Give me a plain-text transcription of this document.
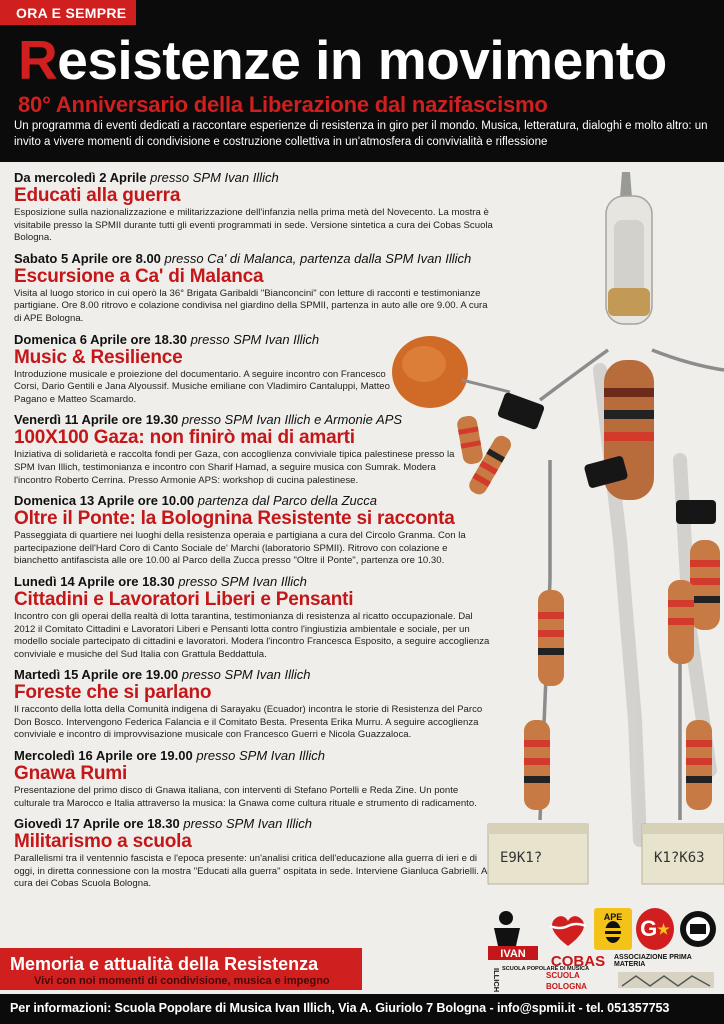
ORA E SEMPRE
Resistenze in movimento
80° Anniversario della Liberazione dal nazifascismo
Un programma di eventi dedicati a raccontare esperienze di resistenza in giro per il mondo. Musica, letteratura, dialoghi e molto altro: un invito a vivere momenti di condivisione e costruzione collettiva in un'atmosfera di convivialità e riflessione
E9K1?	K1?K63
Da mercoledì 2 Aprile presso SPM Ivan Illich
Educati alla guerra
Esposizione sulla nazionalizzazione e militarizzazione dell'infanzia nella prima metà del Novecento. La mostra è visitabile presso la SPMII durante tutti gli eventi programmati in sede. Versione sintetica a cura dei Cobas Scuola Bologna.
Sabato 5 Aprile ore 8.00 presso Ca' di Malanca, partenza dalla SPM Ivan Illich
Escursione a Ca' di Malanca
Visita al luogo storico in cui operò la 36° Brigata Garibaldi "Bianconcini" con letture di racconti e testimonianze partigiane. Ore 8.00 ritrovo e colazione condivisa nel giardino della SPMII, partenza in auto alle ore 9.00. A cura di APE Bologna.
Domenica 6 Aprile ore 18.30 presso SPM Ivan Illich
Music & Resilience
Introduzione musicale e proiezione del documentario. A seguire incontro con Francesco Corsi, Dario Gentili e Jana Alyoussif. Musiche emiliane con Vladimiro Cantaluppi, Matteo Pagano e Matteo Scamardo.
Venerdì 11 Aprile ore 19.30 presso SPM Ivan Illich e Armonie APS
100X100 Gaza: non finirò mai di amarti
Iniziativa di solidarietà e raccolta fondi per Gaza, con accoglienza conviviale tipica palestinese presso la SPM Ivan Illich, testimonianza e incontro con Sharif Hamad, a seguire musica con Sumrak. Modera l'incontro Roberto Cerrina. Presso Armonie APS: workshop di cucina palestinese.
Domenica 13 Aprile ore 10.00 partenza dal Parco della Zucca
Oltre il Ponte: la Bolognina Resistente si racconta
Passeggiata di quartiere nei luoghi della resistenza operaia e partigiana a cura del Circolo Granma. Con la partecipazione dell'Hard Coro di Canto Sociale de' Marchi (laboratorio SPMII). Ritrovo con colazione e bianchetto antifascista alle ore 10.00 al Parco della Zucca presso "Oltre il Ponte", partenza ore 10.30.
Lunedì 14 Aprile ore 18.30 presso SPM Ivan Illich
Cittadini e Lavoratori Liberi e Pensanti
Incontro con gli operai della realtà di lotta tarantina, testimonianza di resistenza al ricatto occupazionale. Dal 2012 il Comitato Cittadini e Lavoratori Liberi e Pensanti lotta contro l'ingiustizia ambientale e sociale, per un modello sociale partecipato di cittadini e lavoratori. Modera l'incontro Francesca Esposito, a seguire accoglienza conviviale e musiche del Sud Italia con Grattula Beddattula.
Martedì 15 Aprile ore 19.00 presso SPM Ivan Illich
Foreste che si parlano
Il racconto della lotta della Comunità indigena di Sarayaku (Ecuador) incontra le storie di Resistenza del Parco Don Bosco. Intervengono Federica Falancia e il Comitato Besta. Presenta Erika Murru. A seguire accoglienza conviviale e incontro di improvvisazione musicale con Francesco Guerri e Nicola Guazzaloca.
Mercoledì 16 Aprile ore 19.00 presso SPM Ivan Illich
Gnawa Rumi
Presentazione del primo disco di Gnawa italiana, con interventi di Stefano Portelli e Reda Zine. Un ponte culturale tra Marocco e Italia attraverso la musica: la Gnawa come cultura rituale e strumento di radicamento.
Giovedì 17 Aprile ore 18.30 presso SPM Ivan Illich
Militarismo a scuola
Parallelismi tra il ventennio fascista e l'epoca presente: un'analisi critica dell'educazione alla guerra di ieri e di oggi, in diretta connessione con la mostra "Educati alla guerra" ospitata in sede. Interviene Gianluca Gabrielli. A cura dei Cobas Scuola Bologna.
IVAN
ILLICH SCUOLA POPOLARE DI MUSICA
APE G ★
COBAS
SCUOLA BOLOGNA
ASSOCIAZIONE PRIMA MATERIA
Memoria e attualità della Resistenza
Vivi con noi momenti di condivisione, musica e impegno
Per informazioni: Scuola Popolare di Musica Ivan Illich, Via A. Giuriolo 7 Bologna - info@spmii.it - tel. 051357753
